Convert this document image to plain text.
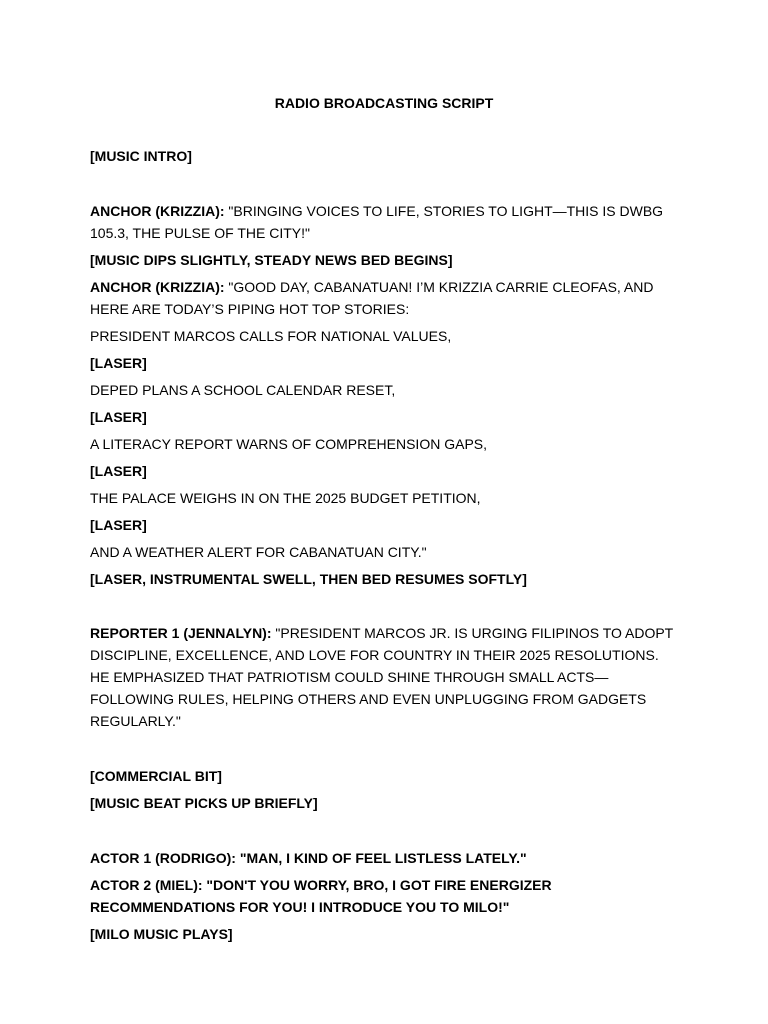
RADIO BROADCASTING SCRIPT

[MUSIC INTRO]

ANCHOR (KRIZZIA): "BRINGING VOICES TO LIFE, STORIES TO LIGHT—THIS IS DWBG 105.3, THE PULSE OF THE CITY!"

[MUSIC DIPS SLIGHTLY, STEADY NEWS BED BEGINS]

ANCHOR (KRIZZIA): "GOOD DAY, CABANATUAN! I’M KRIZZIA CARRIE CLEOFAS, AND HERE ARE TODAY’S PIPING HOT TOP STORIES:

PRESIDENT MARCOS CALLS FOR NATIONAL VALUES,

[LASER]

DEPED PLANS A SCHOOL CALENDAR RESET,

[LASER]

A LITERACY REPORT WARNS OF COMPREHENSION GAPS,

[LASER]

THE PALACE WEIGHS IN ON THE 2025 BUDGET PETITION,

[LASER]

AND A WEATHER ALERT FOR CABANATUAN CITY."

[LASER, INSTRUMENTAL SWELL, THEN BED RESUMES SOFTLY]

REPORTER 1 (JENNALYN): "PRESIDENT MARCOS JR. IS URGING FILIPINOS TO ADOPT DISCIPLINE, EXCELLENCE, AND LOVE FOR COUNTRY IN THEIR 2025 RESOLUTIONS. HE EMPHASIZED THAT PATRIOTISM COULD SHINE THROUGH SMALL ACTS—FOLLOWING RULES, HELPING OTHERS AND EVEN UNPLUGGING FROM GADGETS REGULARLY."

[COMMERCIAL BIT]

[MUSIC BEAT PICKS UP BRIEFLY]

ACTOR 1 (RODRIGO): "MAN, I KIND OF FEEL LISTLESS LATELY."

ACTOR 2 (MIEL): "DON'T YOU WORRY, BRO, I GOT FIRE ENERGIZER RECOMMENDATIONS FOR YOU! I INTRODUCE YOU TO MILO!"

[MILO MUSIC PLAYS]
